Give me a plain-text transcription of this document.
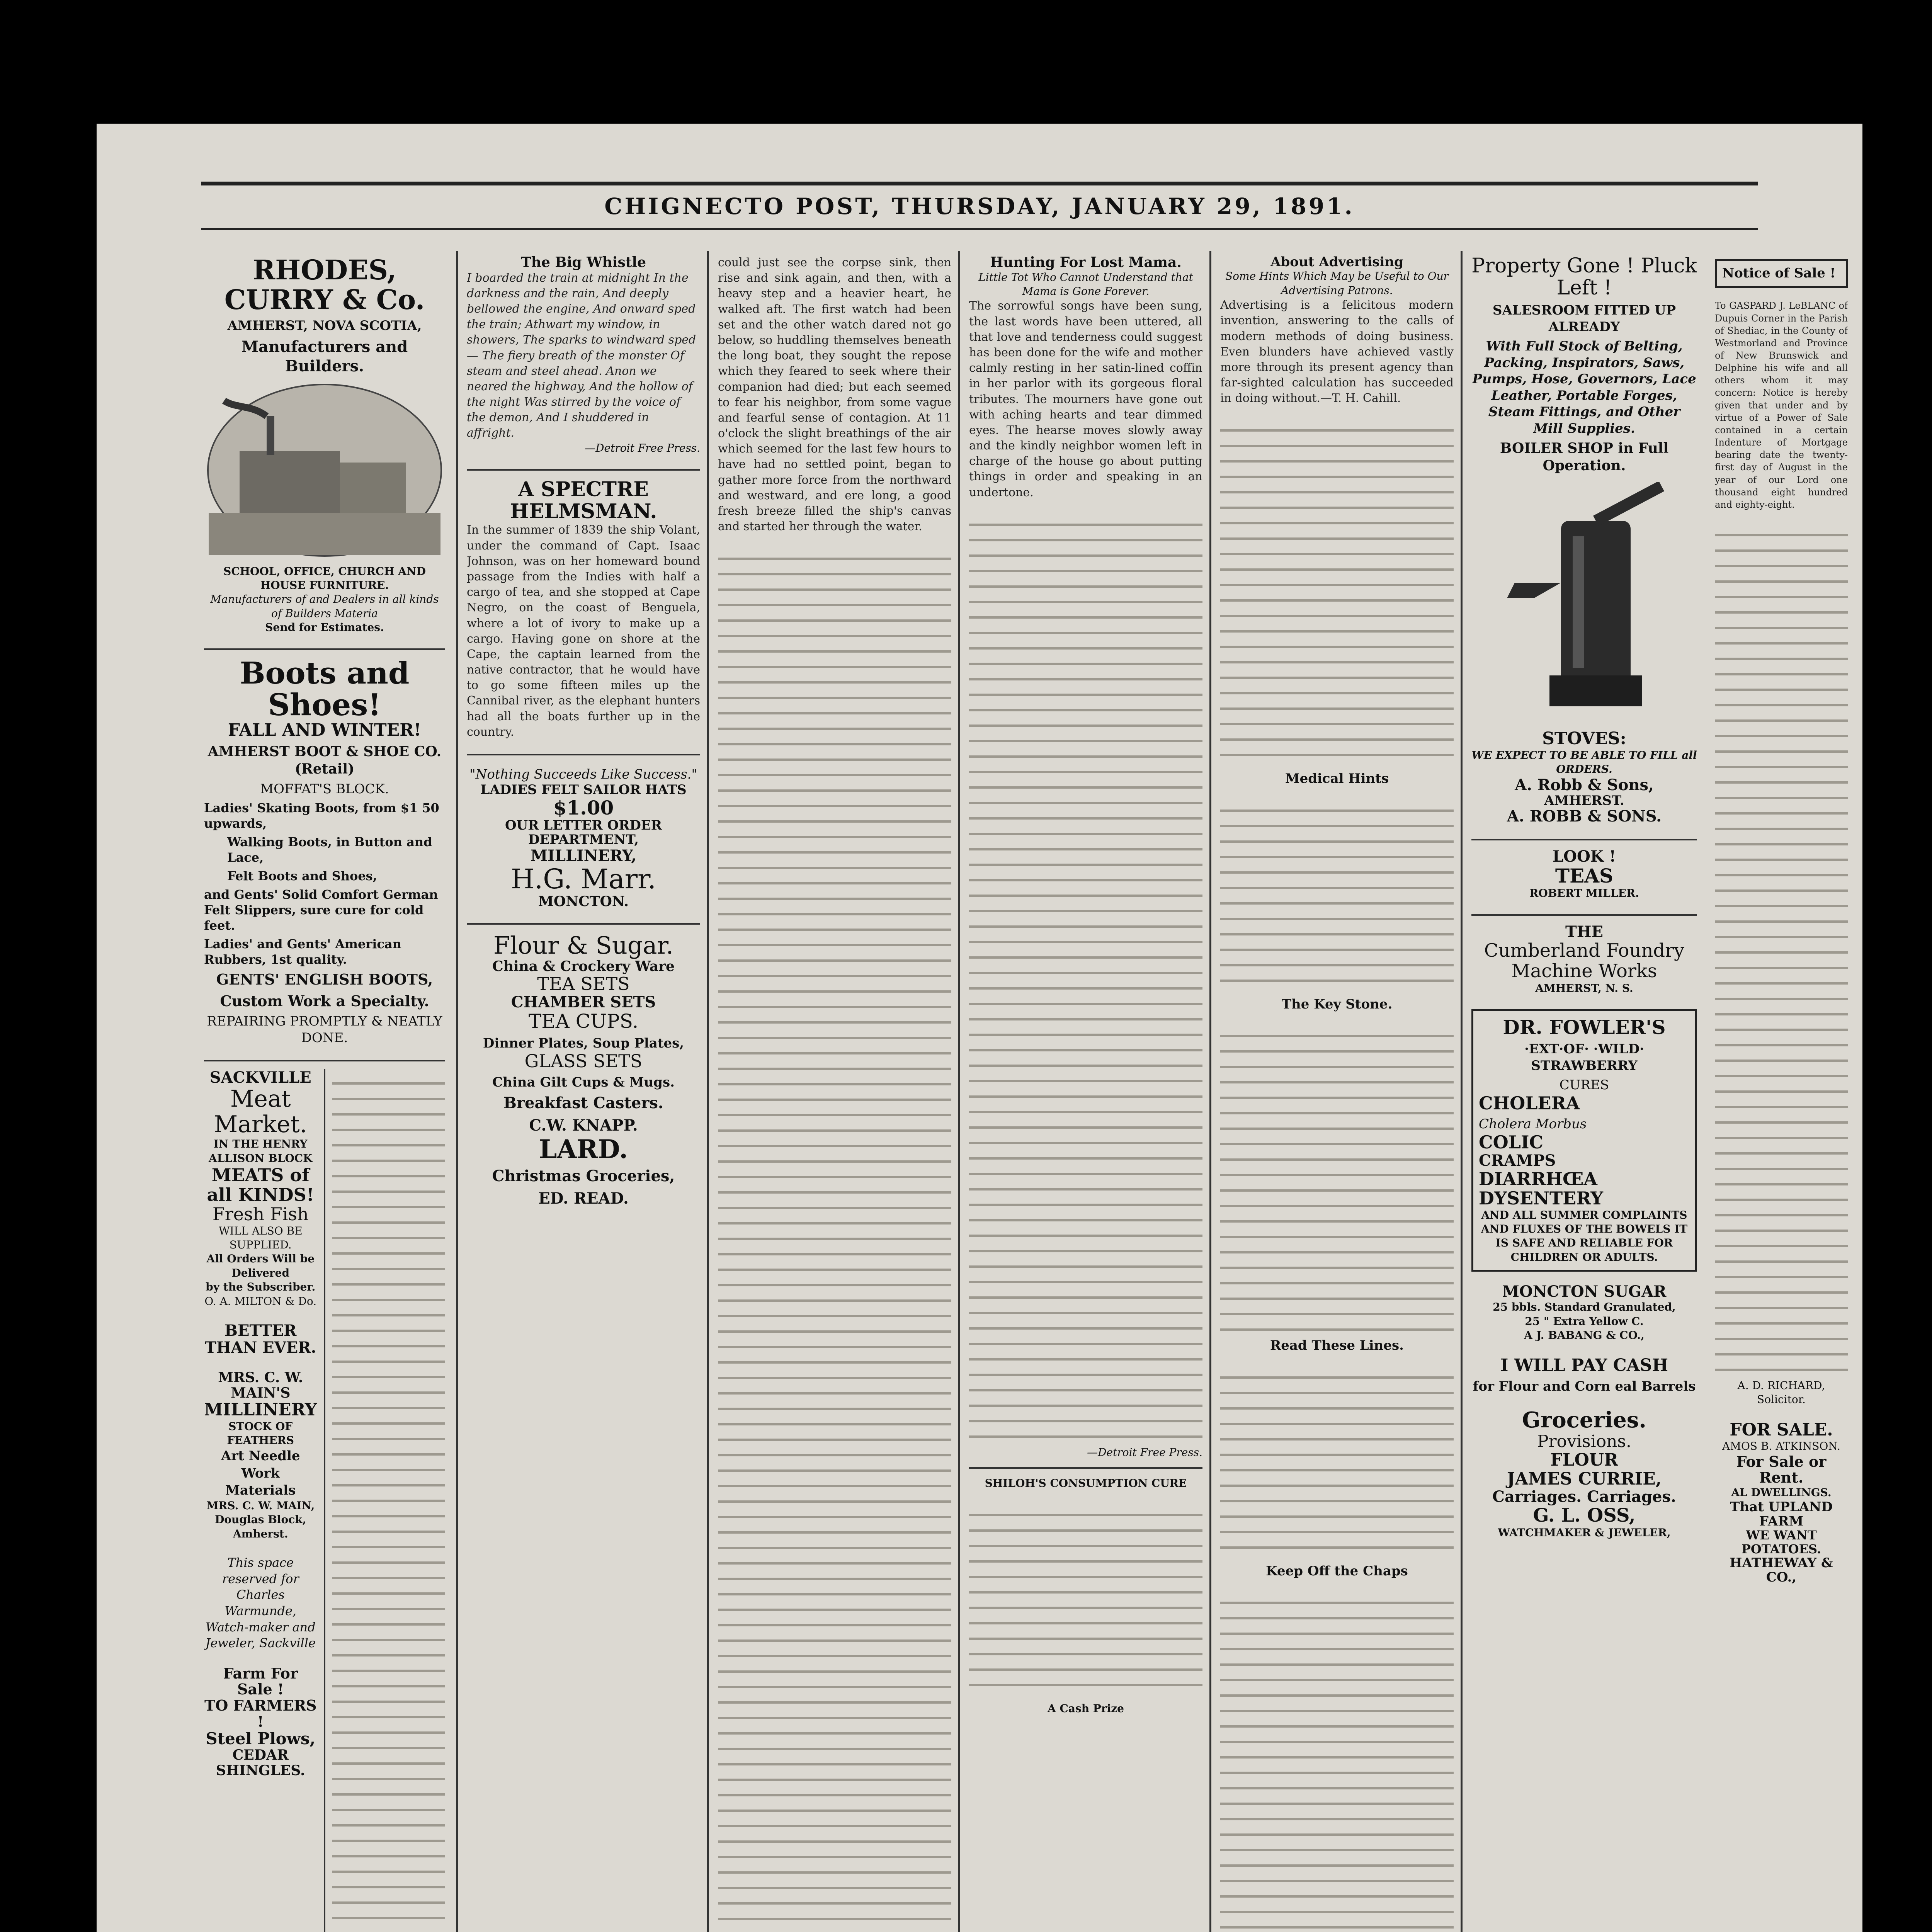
CHIGNECTO POST, THURSDAY, JANUARY 29, 1891.
RHODES, CURRY & Co.
AMHERST, NOVA SCOTIA,
Manufacturers and Builders.
SCHOOL, OFFICE, CHURCH AND HOUSE FURNITURE.
Manufacturers of and Dealers in all kinds of Builders Materia
Send for Estimates.
Boots and Shoes!
FALL AND WINTER!
AMHERST BOOT & SHOE CO. (Retail)
MOFFAT'S BLOCK.
Ladies' Skating Boots, from $1 50 upwards,
Walking Boots, in Button and Lace,
Felt Boots and Shoes,
and Gents' Solid Comfort German Felt Slippers, sure cure for cold feet.
Ladies' and Gents' American Rubbers, 1st quality.
GENTS' ENGLISH BOOTS,
Custom Work a Specialty.
REPAIRING PROMPTLY & NEATLY DONE.
SACKVILLE
Meat Market.
IN THE HENRY ALLISON BLOCK
MEATS of all KINDS!
Fresh Fish
WILL ALSO BE SUPPLIED.
All Orders Will be Delivered
by the Subscriber.
O. A. MILTON & Do.
BETTER THAN EVER.
MRS. C. W. MAIN'S
MILLINERY
STOCK OF FEATHERS
Art Needle Work Materials
MRS. C. W. MAIN,
Douglas Block, Amherst.
This space reserved for Charles Warmunde, Watch-maker and Jeweler, Sackville
Farm For Sale !
TO FARMERS !
Steel Plows,
CEDAR SHINGLES.
The Big Whistle
I boarded the train at midnight In the darkness and the rain, And deeply bellowed the engine, And onward sped the train; Athwart my window, in showers, The sparks to windward sped— The fiery breath of the monster Of steam and steel ahead. Anon we neared the highway, And the hollow of the night Was stirred by the voice of the demon, And I shuddered in affright.
—Detroit Free Press.
A SPECTRE HELMSMAN.
In the summer of 1839 the ship Volant, under the command of Capt. Isaac Johnson, was on her homeward bound passage from the Indies with half a cargo of tea, and she stopped at Cape Negro, on the coast of Benguela, where a lot of ivory to make up a cargo. Having gone on shore at the Cape, the captain learned from the native contractor, that he would have to go some fifteen miles up the Cannibal river, as the elephant hunters had all the boats further up in the country.
"Nothing Succeeds Like Success."
LADIES FELT SAILOR HATS
$1.00
OUR LETTER ORDER DEPARTMENT,
MILLINERY,
H.G. Marr.
MONCTON.
Flour & Sugar.
China & Crockery Ware
TEA SETS
CHAMBER SETS
TEA CUPS.
Dinner Plates, Soup Plates,
GLASS SETS
China Gilt Cups & Mugs.
Breakfast Casters.
C.W. KNAPP.
LARD.
Christmas Groceries,
ED. READ.
could just see the corpse sink, then rise and sink again, and then, with a heavy step and a heavier heart, he walked aft. The first watch had been set and the other watch dared not go below, so huddling themselves beneath the long boat, they sought the repose which they feared to seek where their companion had died; but each seemed to fear his neighbor, from some vague and fearful sense of contagion. At 11 o'clock the slight breathings of the air which seemed for the last few hours to have had no settled point, began to gather more force from the northward and westward, and ere long, a good fresh breeze filled the ship's canvas and started her through the water.
Hunting For Lost Mama.
Little Tot Who Cannot Understand that Mama is Gone Forever.
The sorrowful songs have been sung, the last words have been uttered, all that love and tenderness could suggest has been done for the wife and mother calmly resting in her satin-lined coffin in her parlor with its gorgeous floral tributes. The mourners have gone out with aching hearts and tear dimmed eyes. The hearse moves slowly away and the kindly neighbor women left in charge of the house go about putting things in order and speaking in an undertone.
—Detroit Free Press.
SHILOH'S CONSUMPTION CURE
A Cash Prize
About Advertising
Some Hints Which May be Useful to Our Advertising Patrons.
Advertising is a felicitous modern invention, answering to the calls of modern methods of doing business. Even blunders have achieved vastly more through its present agency than far-sighted calculation has succeeded in doing without.—T. H. Cahill.
Medical Hints
The Key Stone.
Read These Lines.
Keep Off the Chaps
Property Gone ! Pluck Left !
SALESROOM FITTED UP ALREADY
With Full Stock of Belting, Packing, Inspirators, Saws, Pumps, Hose, Governors, Lace Leather, Portable Forges, Steam Fittings, and Other Mill Supplies.
BOILER SHOP in Full Operation.
STOVES:
WE EXPECT TO BE ABLE TO FILL all ORDERS.
A. Robb & Sons,
AMHERST.
A. ROBB & SONS.
LOOK !
TEAS
ROBERT MILLER.
THE
Cumberland Foundry
Machine Works
AMHERST, N. S.
DR. FOWLER'S
·EXT·OF· ·WILD· STRAWBERRY
CURES
CHOLERA
Cholera Morbus
COLIC
CRAMPS
DIARRHŒA
DYSENTERY
AND ALL SUMMER COMPLAINTS AND FLUXES OF THE BOWELS IT IS SAFE AND RELIABLE FOR CHILDREN OR ADULTS.
MONCTON SUGAR
25 bbls. Standard Granulated,
25 " Extra Yellow C.
A J. BABANG & CO.,
I WILL PAY CASH
for Flour and Corn eal Barrels
Groceries.
Provisions.
FLOUR
JAMES CURRIE,
Carriages. Carriages.
G. L. OSS,
WATCHMAKER & JEWELER,
Notice of Sale !
To GASPARD J. LeBLANC of Dupuis Corner in the Parish of Shediac, in the County of Westmorland and Province of New Brunswick and Delphine his wife and all others whom it may concern: Notice is hereby given that under and by virtue of a Power of Sale contained in a certain Indenture of Mortgage bearing date the twenty-first day of August in the year of our Lord one thousand eight hundred and eighty-eight.
A. D. RICHARD, Solicitor.
FOR SALE.
AMOS B. ATKINSON.
For Sale or Rent.
AL DWELLINGS.
That UPLAND FARM
WE WANT POTATOES.
HATHEWAY & CO.,
